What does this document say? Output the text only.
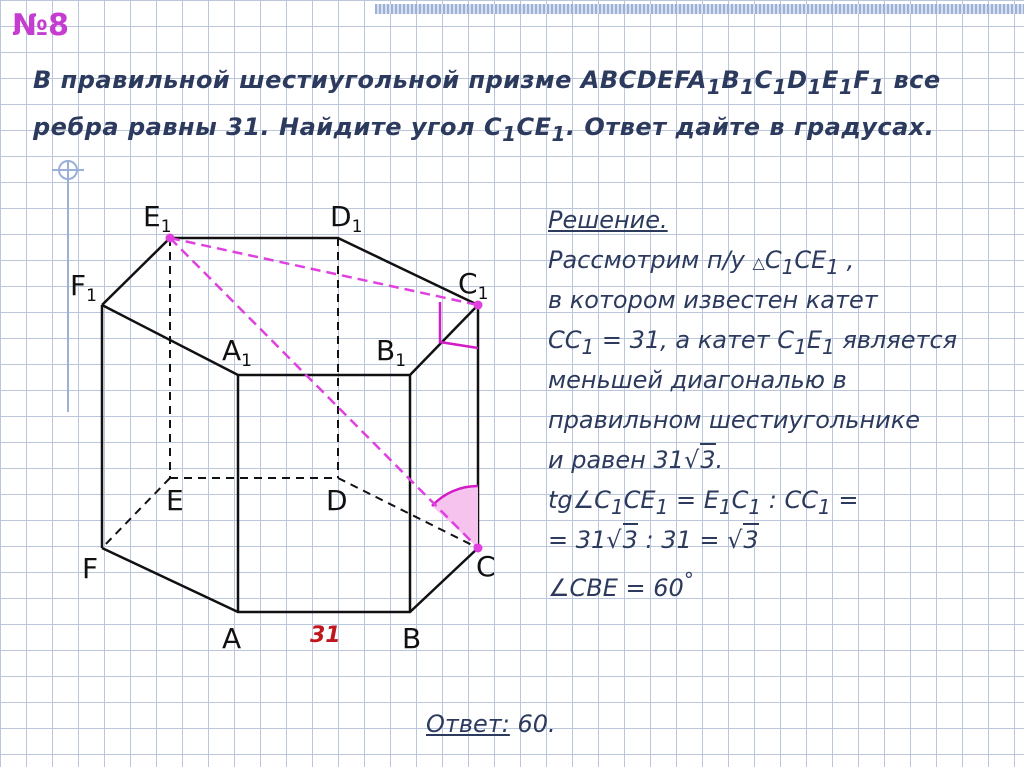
№8
В правильной шестиугольной призме $ABCDEFA_1B_1C_1D_1E_1F_1$ все
ребра равны 31. Найдите угол $C_1CE_1$. Ответ дайте в градусах.
$E_1$	$D_1$
$F_1$	$C_1$
$A_1$	$B_1$
E	D
F	C
A	B
31
Решение.
Рассмотрим п/у $\triangle C_1CE_1$ ,
в котором известен катет
$CC_1 = 31$, а катет $C_1E_1$ является
меньшей диагональю в
правильном шестиугольнике
и равен 31√3.
$tg\angle C_1CE_1 = E_1C_1$ : $CC_1$ =
= 31√3 : 31 = √3
∠CBE = 60°
Ответ: 60.
